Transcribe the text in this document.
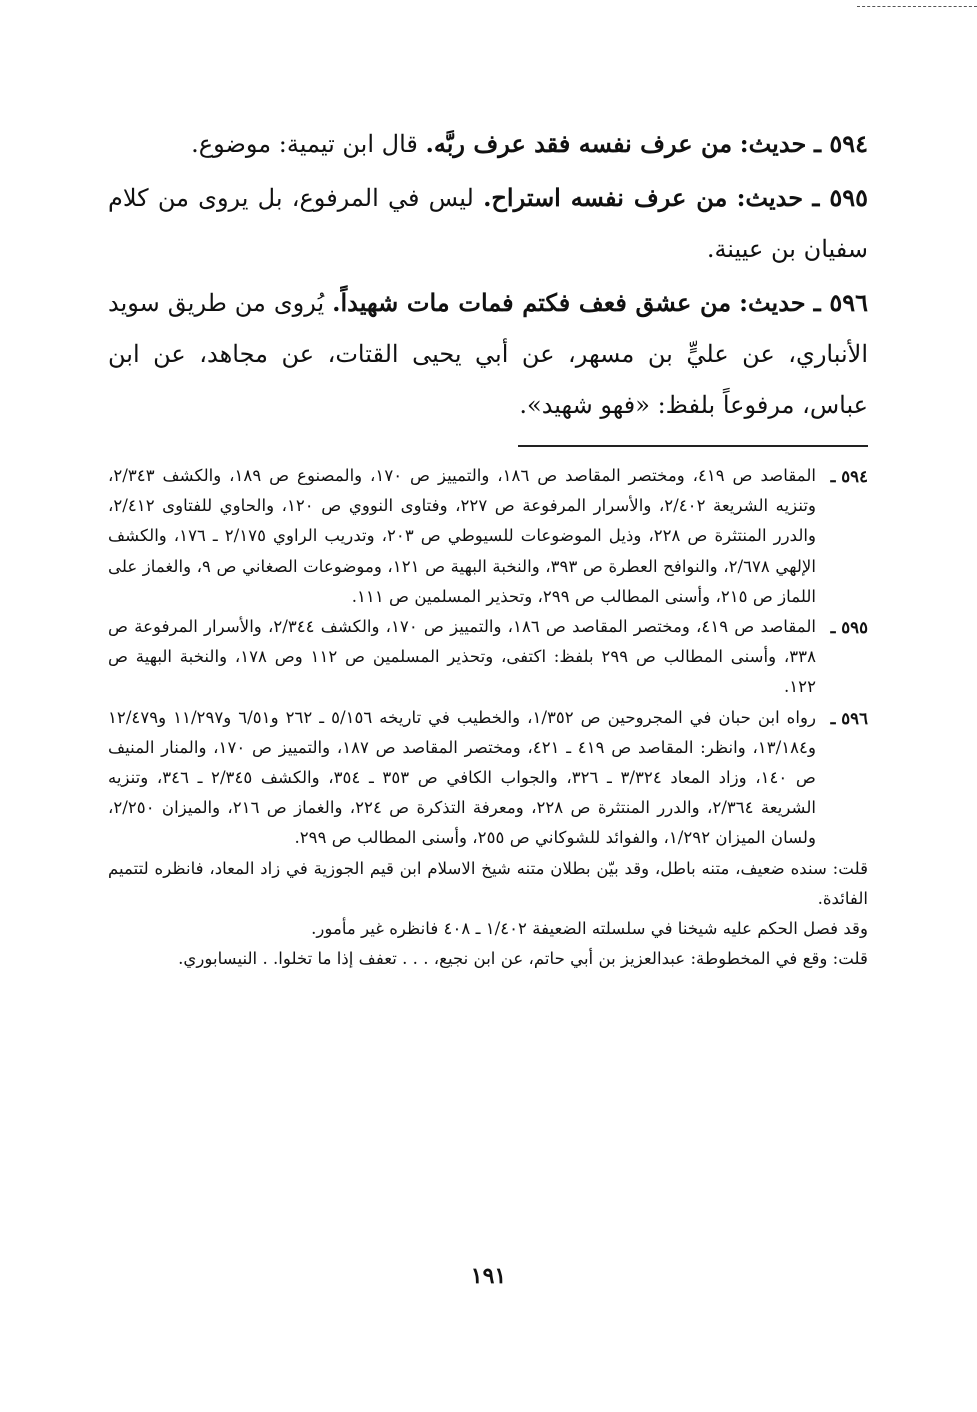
٥٩٤ ـ حديث: من عرف نفسه فقد عرف ربَّه. قال ابن تيمية: موضوع.

٥٩٥ ـ حديث: من عرف نفسه استراح. ليس في المرفوع، بل يروى من كلام سفيان بن عيينة.

٥٩٦ ـ حديث: من عشق فعف فكتم فمات مات شهيداً. يُروى من طريق سويد الأنباري، عن عليٍّ بن مسهر، عن أبي يحيى القتات، عن مجاهد، عن ابن عباس، مرفوعاً بلفظ: «فهو شهيد».

٥٩٤ ـ
المقاصد ص ٤١٩، ومختصر المقاصد ص ١٨٦، والتمييز ص ١٧٠، والمصنوع ص ١٨٩، والكشف ٢/٣٤٣، وتنزيه الشريعة ٢/٤٠٢، والأسرار المرفوعة ص ٢٢٧، وفتاوى النووي ص ١٢٠، والحاوي للفتاوى ٢/٤١٢، والدرر المنتثرة ص ٢٢٨، وذيل الموضوعات للسيوطي ص ٢٠٣، وتدريب الراوي ٢/١٧٥ ـ ١٧٦، والكشف الإلهي ٢/٦٧٨، والنوافح العطرة ص ٣٩٣، والنخبة البهية ص ١٢١، وموضوعات الصغاني ص ٩، والغماز على اللماز ص ٢١٥، وأسنى المطالب ص ٢٩٩، وتحذير المسلمين ص ١١١.

٥٩٥ ـ
المقاصد ص ٤١٩، ومختصر المقاصد ص ١٨٦، والتمييز ص ١٧٠، والكشف ٢/٣٤٤، والأسرار المرفوعة ص ٣٣٨، وأسنى المطالب ص ٢٩٩ بلفظ: اكتفى، وتحذير المسلمين ص ١١٢ وص ١٧٨، والنخبة البهية ص ١٢٢.

٥٩٦ ـ
رواه ابن حبان في المجروحين ص ١/٣٥٢، والخطيب في تاريخه ٥/١٥٦ ـ ٢٦٢ و٦/٥١ و١١/٢٩٧ و١٢/٤٧٩ و١٣/١٨٤، وانظر: المقاصد ص ٤١٩ ـ ٤٢١، ومختصر المقاصد ص ١٨٧، والتمييز ص ١٧٠، والمنار المنيف ص ١٤٠، وزاد المعاد ٣/٣٢٤ ـ ٣٢٦، والجواب الكافي ص ٣٥٣ ـ ٣٥٤، والكشف ٢/٣٤٥ ـ ٣٤٦، وتنزيه الشريعة ٢/٣٦٤، والدرر المنتثرة ص ٢٢٨، ومعرفة التذكرة ص ٢٢٤، والغماز ص ٢١٦، والميزان ٢/٢٥٠، ولسان الميزان ١/٢٩٢، والفوائد للشوكاني ص ٢٥٥، وأسنى المطالب ص ٢٩٩.

قلت: سنده ضعيف، متنه باطل، وقد بيّن بطلان متنه شيخ الاسلام ابن قيم الجوزية في زاد المعاد، فانظره لتتميم الفائدة.

وقد فصل الحكم عليه شيخنا في سلسلته الضعيفة ١/٤٠٢ ـ ٤٠٨ فانظره غير مأمور.

قلت: وقع في المخطوطة: عبدالعزيز بن أبي حاتم، عن ابن نجيع، . . . تعفف إذا ما تخلوا. . النيسابوري.

١٩١
